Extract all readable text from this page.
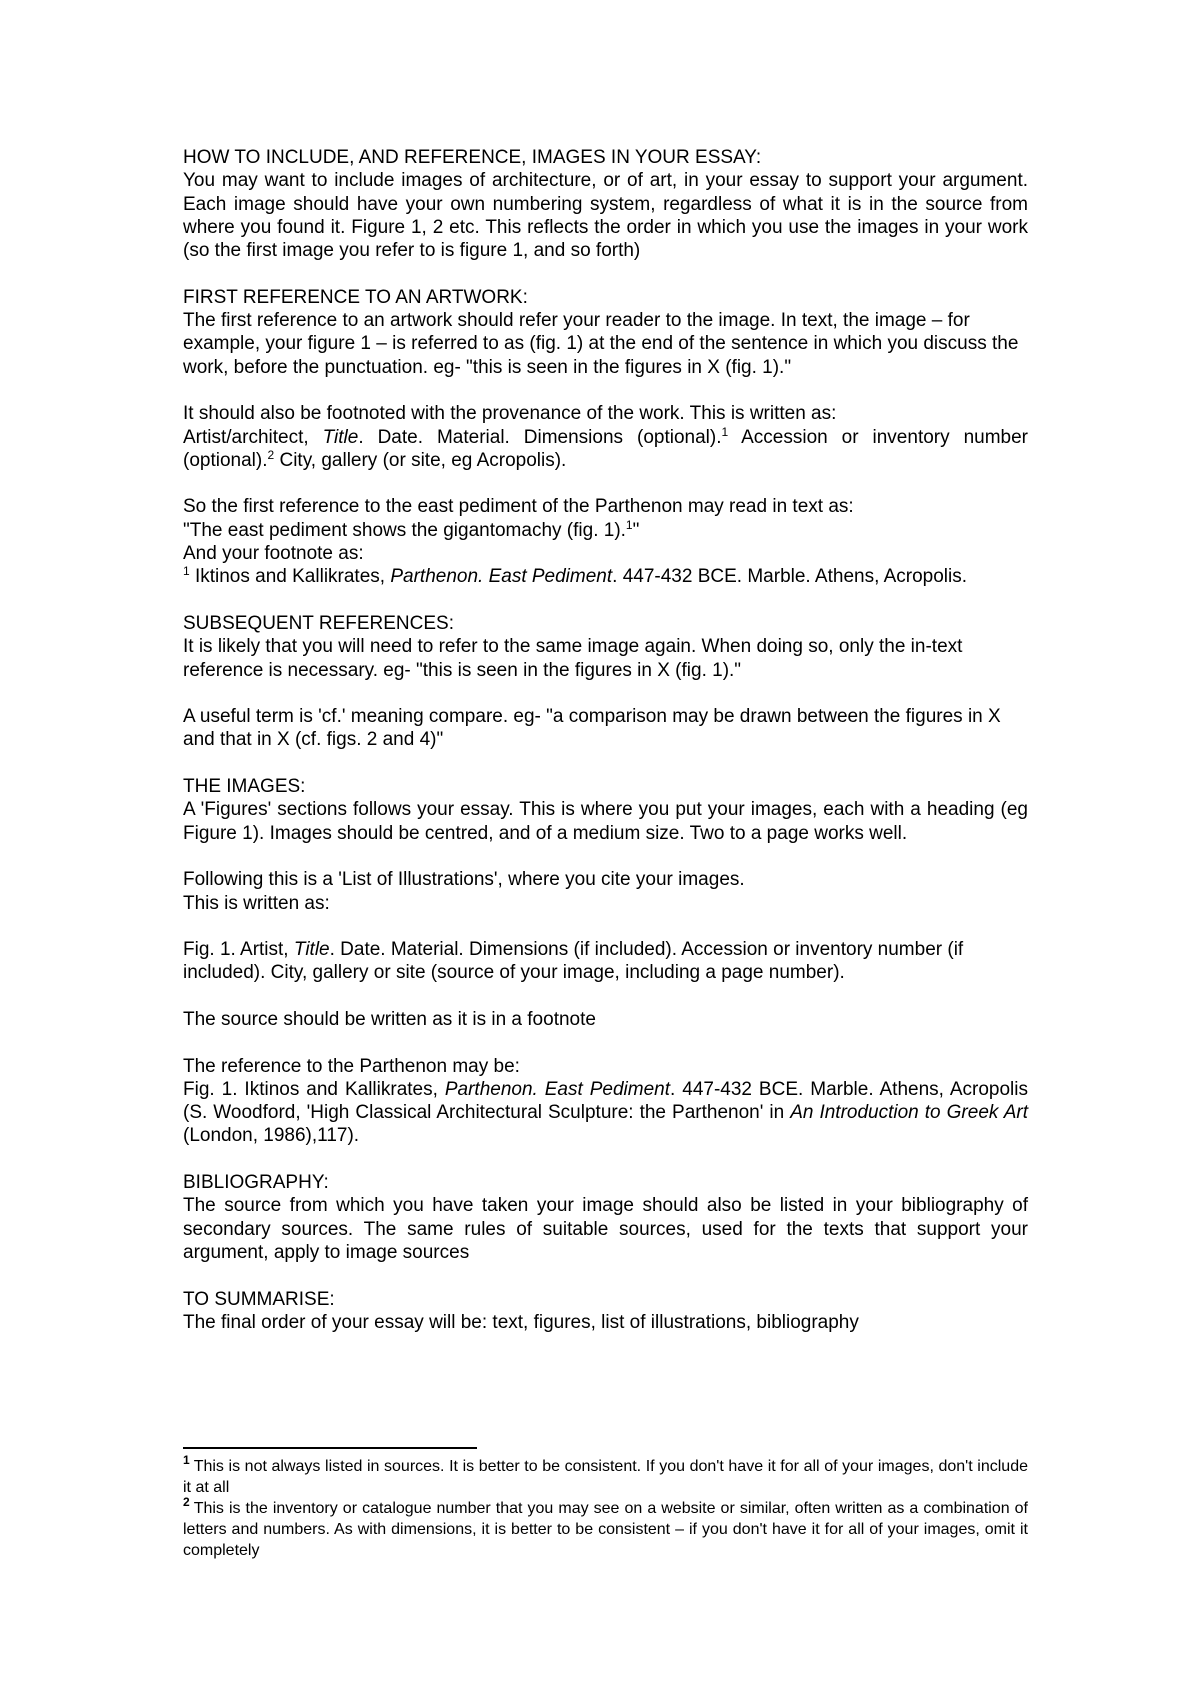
HOW TO INCLUDE, AND REFERENCE, IMAGES IN YOUR ESSAY:

You may want to include images of architecture, or of art, in your essay to support your argument. Each image should have your own numbering system, regardless of what it is in the source from where you found it. Figure 1, 2 etc. This reflects the order in which you use the images in your work (so the first image you refer to is figure 1, and so forth)

FIRST REFERENCE TO AN ARTWORK:

The first reference to an artwork should refer your reader to the image. In text, the image – for example, your figure 1 – is referred to as (fig. 1) at the end of the sentence in which you discuss the work, before the punctuation. eg- "this is seen in the figures in X (fig. 1)."

It should also be footnoted with the provenance of the work. This is written as:

Artist/architect, Title. Date. Material. Dimensions (optional).$^1$ Accession or inventory number (optional).$^2$ City, gallery (or site, eg Acropolis).

So the first reference to the east pediment of the Parthenon may read in text as:

"The east pediment shows the gigantomachy (fig. 1).$^1$"

And your footnote as:

$^1$ Iktinos and Kallikrates, Parthenon. East Pediment. 447-432 BCE. Marble. Athens, Acropolis.

SUBSEQUENT REFERENCES:

It is likely that you will need to refer to the same image again. When doing so, only the in-text reference is necessary. eg- "this is seen in the figures in X (fig. 1)."

A useful term is 'cf.' meaning compare. eg- "a comparison may be drawn between the figures in X and that in X (cf. figs. 2 and 4)"

THE IMAGES:

A 'Figures' sections follows your essay. This is where you put your images, each with a heading (eg Figure 1). Images should be centred, and of a medium size. Two to a page works well.

Following this is a 'List of Illustrations', where you cite your images.

This is written as:

Fig. 1. Artist, Title. Date. Material. Dimensions (if included). Accession or inventory number (if included). City, gallery or site (source of your image, including a page number).

The source should be written as it is in a footnote

The reference to the Parthenon may be:

Fig. 1. Iktinos and Kallikrates, Parthenon. East Pediment. 447-432 BCE. Marble. Athens, Acropolis (S. Woodford, 'High Classical Architectural Sculpture: the Parthenon' in An Introduction to Greek Art (London, 1986),117).

BIBLIOGRAPHY:

The source from which you have taken your image should also be listed in your bibliography of secondary sources. The same rules of suitable sources, used for the texts that support your argument, apply to image sources

TO SUMMARISE:

The final order of your essay will be: text, figures, list of illustrations, bibliography

$^1$ This is not always listed in sources. It is better to be consistent. If you don't have it for all of your images, don't include it at all

$^2$ This is the inventory or catalogue number that you may see on a website or similar, often written as a combination of letters and numbers. As with dimensions, it is better to be consistent – if you don't have it for all of your images, omit it completely
